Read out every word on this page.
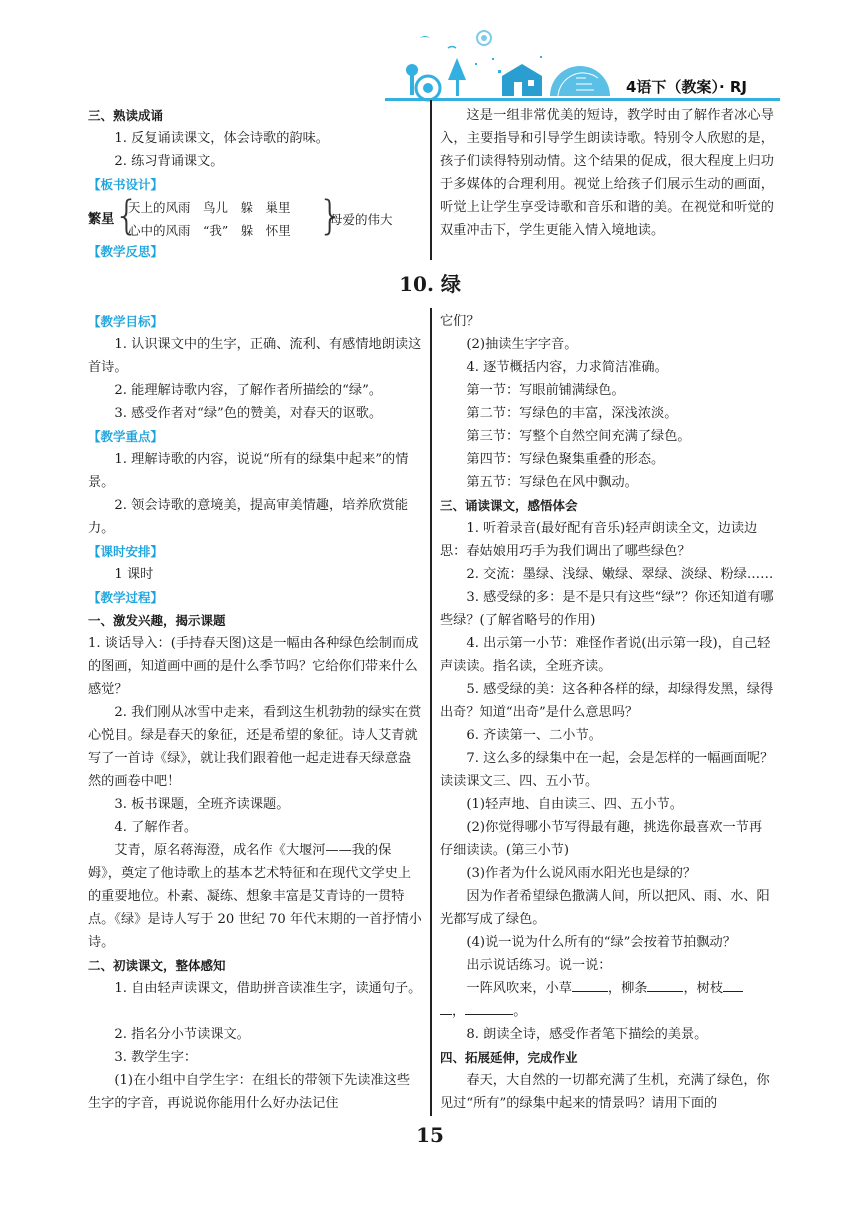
4语下（教案）· RJ
三、熟读成诵
1. 反复诵读课文，体会诗歌的韵味。
2. 练习背诵课文。
【板书设计】
繁星 {
天上的风雨　鸟儿　躲　巢里
心中的风雨　“我”　躲　怀里 }
母爱的伟大
【教学反思】
这是一组非常优美的短诗，教学时由了解作者冰心导入，主要指导和引导学生朗读诗歌。特别令人欣慰的是，孩子们读得特别动情。这个结果的促成，很大程度上归功于多媒体的合理利用。视觉上给孩子们展示生动的画面，听觉上让学生享受诗歌和音乐和谐的美。在视觉和听觉的双重冲击下，学生更能入情入境地读。
10. 绿
【教学目标】
1. 认识课文中的生字，正确、流利、有感情地朗读这首诗。
2. 能理解诗歌内容，了解作者所描绘的“绿”。
3. 感受作者对“绿”色的赞美，对春天的讴歌。
【教学重点】
1. 理解诗歌的内容，说说“所有的绿集中起来”的情景。
2. 领会诗歌的意境美，提高审美情趣，培养欣赏能力。
【课时安排】
1 课时
【教学过程】
一、激发兴趣，揭示课题
1. 谈话导入：(手持春天图)这是一幅由各种绿色绘制而成的图画，知道画中画的是什么季节吗？它给你们带来什么感觉？
2. 我们刚从冰雪中走来，看到这生机勃勃的绿实在赏心悦目。绿是春天的象征，还是希望的象征。诗人艾青就写了一首诗《绿》，就让我们跟着他一起走进春天绿意盎然的画卷中吧！
3. 板书课题，全班齐读课题。
4. 了解作者。
艾青，原名蒋海澄，成名作《大堰河——我的保姆》，奠定了他诗歌上的基本艺术特征和在现代文学史上的重要地位。朴素、凝练、想象丰富是艾青诗的一贯特点。《绿》是诗人写于 20 世纪 70 年代末期的一首抒情小诗。
二、初读课文，整体感知
1. 自由轻声读课文，借助拼音读准生字，读通句子。
2. 指名分小节读课文。
3. 教学生字：
(1)在小组中自学生字：在组长的带领下先读准这些生字的字音，再说说你能用什么好办法记住
它们？
(2)抽读生字字音。
4. 逐节概括内容，力求简洁准确。
第一节：写眼前铺满绿色。
第二节：写绿色的丰富，深浅浓淡。
第三节：写整个自然空间充满了绿色。
第四节：写绿色聚集重叠的形态。
第五节：写绿色在风中飘动。
三、诵读课文，感悟体会
1. 听着录音(最好配有音乐)轻声朗读全文，边读边思：春姑娘用巧手为我们调出了哪些绿色？
2. 交流：墨绿、浅绿、嫩绿、翠绿、淡绿、粉绿……
3. 感受绿的多：是不是只有这些“绿”？你还知道有哪些绿？(了解省略号的作用)
4. 出示第一小节：难怪作者说(出示第一段)，自己轻声读读。指名读，全班齐读。
5. 感受绿的美：这各种各样的绿，却绿得发黑，绿得出奇？知道“出奇”是什么意思吗？
6. 齐读第一、二小节。
7. 这么多的绿集中在一起，会是怎样的一幅画面呢？读读课文三、四、五小节。
(1)轻声地、自由读三、四、五小节。
(2)你觉得哪小节写得最有趣，挑选你最喜欢一节再仔细读读。(第三小节)
(3)作者为什么说风雨水阳光也是绿的？
因为作者希望绿色撒满人间，所以把风、雨、水、阳光都写成了绿色。
(4)说一说为什么所有的“绿”会按着节拍飘动？
出示说话练习。说一说：
一阵风吹来，小草	，柳条	，树枝
，	。
8. 朗读全诗，感受作者笔下描绘的美景。
四、拓展延伸，完成作业
春天，大自然的一切都充满了生机，充满了绿色，你见过“所有”的绿集中起来的情景吗？请用下面的
15
